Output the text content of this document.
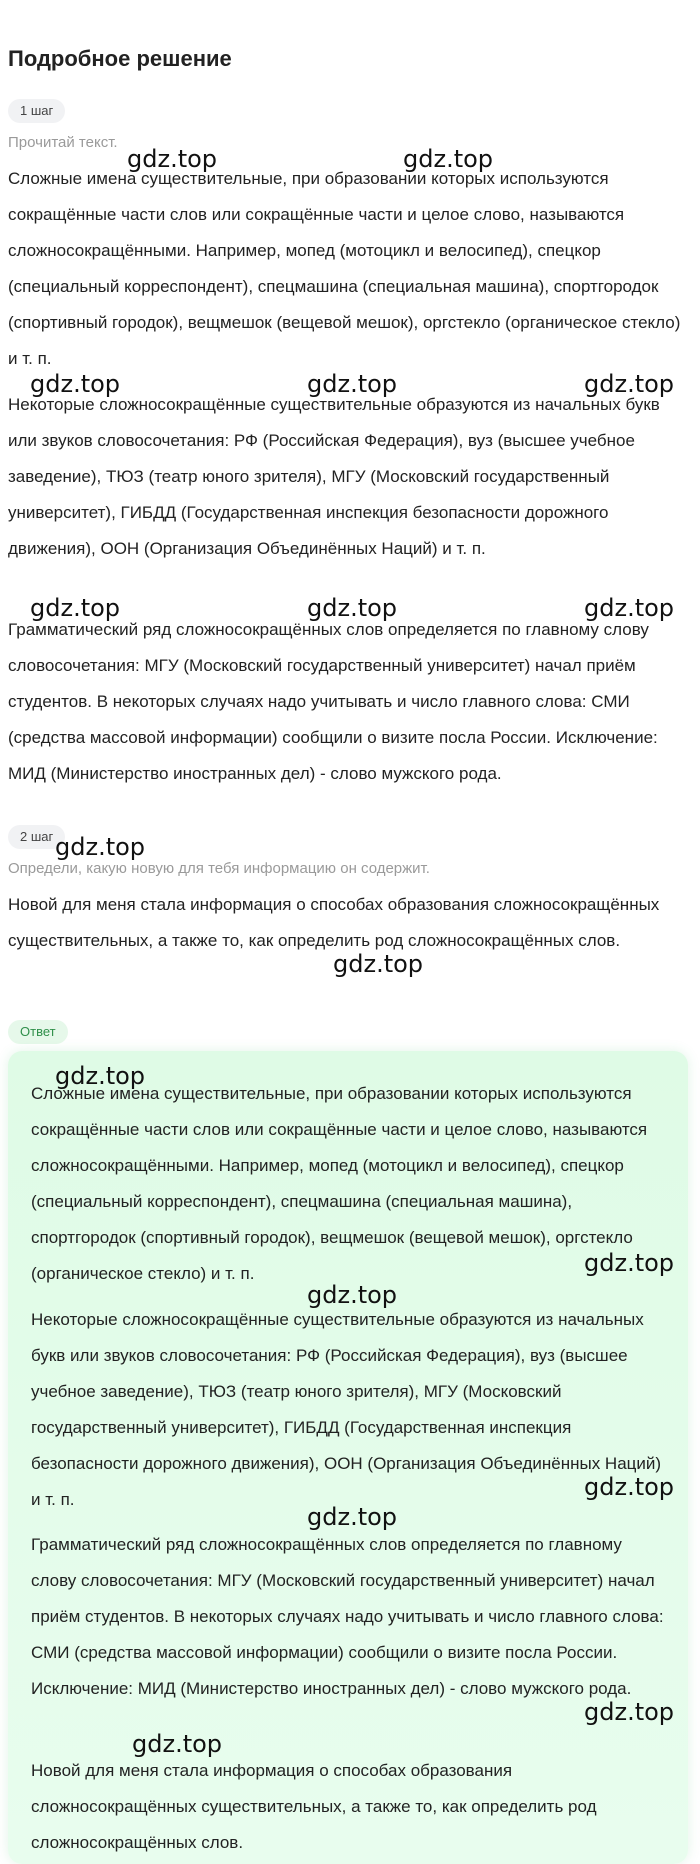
Подробное решение
1 шаг
Прочитай текст.

Сложные имена существительные, при образовании которых используются сокращённые части слов или сокращённые части и целое слово, называются сложносокращёнными. Например, мопед (мотоцикл и велосипед), спецкор (специальный корреспондент), спецмашина (специальная машина), спортгородок (спортивный городок), вещмешок (вещевой мешок), оргстекло (органическое стекло) и т. п.

Некоторые сложносокращённые существительные образуются из начальных букв или звуков словосочетания: РФ (Российская Федерация), вуз (высшее учебное заведение), ТЮЗ (театр юного зрителя), МГУ (Московский государственный университет), ГИБДД (Государственная инспекция безопасности дорожного движения), ООН (Организация Объединённых Наций) и т. п.

Грамматический ряд сложносокращённых слов определяется по главному слову словосочетания: МГУ (Московский государственный университет) начал приём студентов. В некоторых случаях надо учитывать и число главного слова: СМИ (средства массовой информации) сообщили о визите посла России. Исключение: МИД (Министерство иностранных дел) - слово мужского рода.

2 шаг
Определи, какую новую для тебя информацию он содержит.

Новой для меня стала информация о способах образования сложносокращённых существительных, а также то, как определить род сложносокращённых слов.

Ответ

Сложные имена существительные, при образовании которых используются сокращённые части слов или сокращённые части и целое слово, называются сложносокращёнными. Например, мопед (мотоцикл и велосипед), спецкор (специальный корреспондент), спецмашина (специальная машина), спортгородок (спортивный городок), вещмешок (вещевой мешок), оргстекло (органическое стекло) и т. п.

Некоторые сложносокращённые существительные образуются из начальных букв или звуков словосочетания: РФ (Российская Федерация), вуз (высшее учебное заведение), ТЮЗ (театр юного зрителя), МГУ (Московский государственный университет), ГИБДД (Государственная инспекция безопасности дорожного движения), ООН (Организация Объединённых Наций) и т. п.

Грамматический ряд сложносокращённых слов определяется по главному слову словосочетания: МГУ (Московский государственный университет) начал приём студентов. В некоторых случаях надо учитывать и число главного слова: СМИ (средства массовой информации) сообщили о визите посла России. Исключение: МИД (Министерство иностранных дел) - слово мужского рода.

Новой для меня стала информация о способах образования сложносокращённых существительных, а также то, как определить род сложносокращённых слов.

gdz.top	gdz.top
gdz.top	gdz.top	gdz.top
gdz.top	gdz.top	gdz.top
gdz.top
gdz.top
gdz.top
gdz.top
gdz.top
gdz.top
gdz.top
gdz.top
gdz.top
